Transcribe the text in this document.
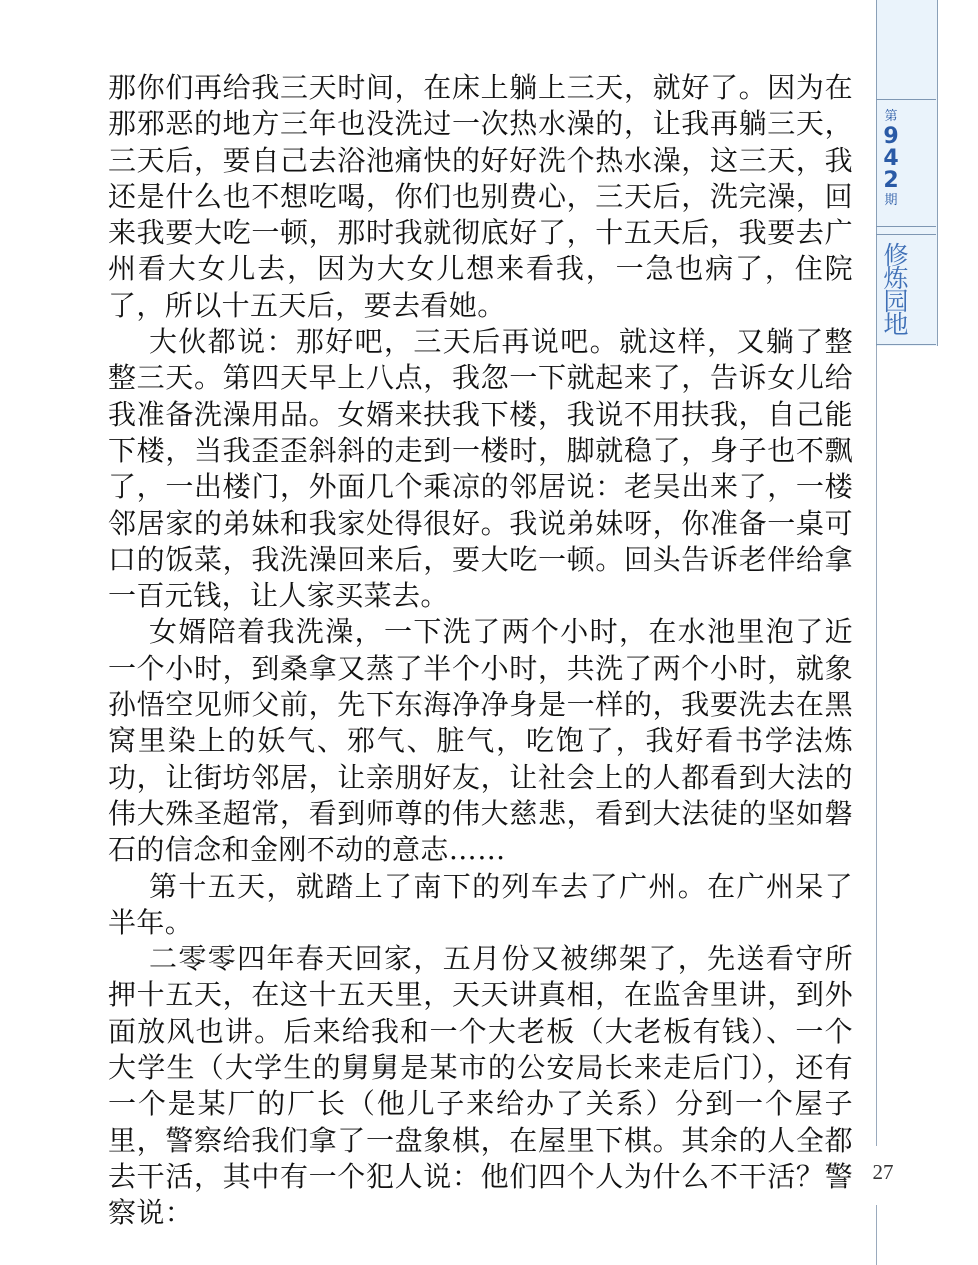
那你们再给我三天时间，在床上躺上三天，就好了。因为在那邪恶的地方三年也没洗过一次热水澡的，让我再躺三天，三天后，要自己去浴池痛快的好好洗个热水澡，这三天，我还是什么也不想吃喝，你们也别费心，三天后，洗完澡，回来我要大吃一顿，那时我就彻底好了，十五天后，我要去广州看大女儿去，因为大女儿想来看我，一急也病了，住院了，所以十五天后，要去看她。

大伙都说：那好吧，三天后再说吧。就这样，又躺了整整三天。第四天早上八点，我忽一下就起来了，告诉女儿给我准备洗澡用品。女婿来扶我下楼，我说不用扶我，自己能下楼，当我歪歪斜斜的走到一楼时，脚就稳了，身子也不飘了，一出楼门，外面几个乘凉的邻居说：老吴出来了，一楼邻居家的弟妹和我家处得很好。我说弟妹呀，你准备一桌可口的饭菜，我洗澡回来后，要大吃一顿。回头告诉老伴给拿一百元钱，让人家买菜去。

女婿陪着我洗澡，一下洗了两个小时，在水池里泡了近一个小时，到桑拿又蒸了半个小时，共洗了两个小时，就象孙悟空见师父前，先下东海净净身是一样的，我要洗去在黑窝里染上的妖气、邪气、脏气，吃饱了，我好看书学法炼功，让街坊邻居，让亲朋好友，让社会上的人都看到大法的伟大殊圣超常，看到师尊的伟大慈悲，看到大法徒的坚如磐石的信念和金刚不动的意志……

第十五天，就踏上了南下的列车去了广州。在广州呆了半年。

二零零四年春天回家，五月份又被绑架了，先送看守所押十五天，在这十五天里，天天讲真相，在监舍里讲，到外面放风也讲。后来给我和一个大老板（大老板有钱）、一个大学生（大学生的舅舅是某市的公安局长来走后门），还有一个是某厂的厂长（他儿子来给办了关系）分到一个屋子里，警察给我们拿了一盘象棋，在屋里下棋。其余的人全都去干活，其中有一个犯人说：他们四个人为什么不干活？警察说：

第
9
4
2
期
修炼园地
27
